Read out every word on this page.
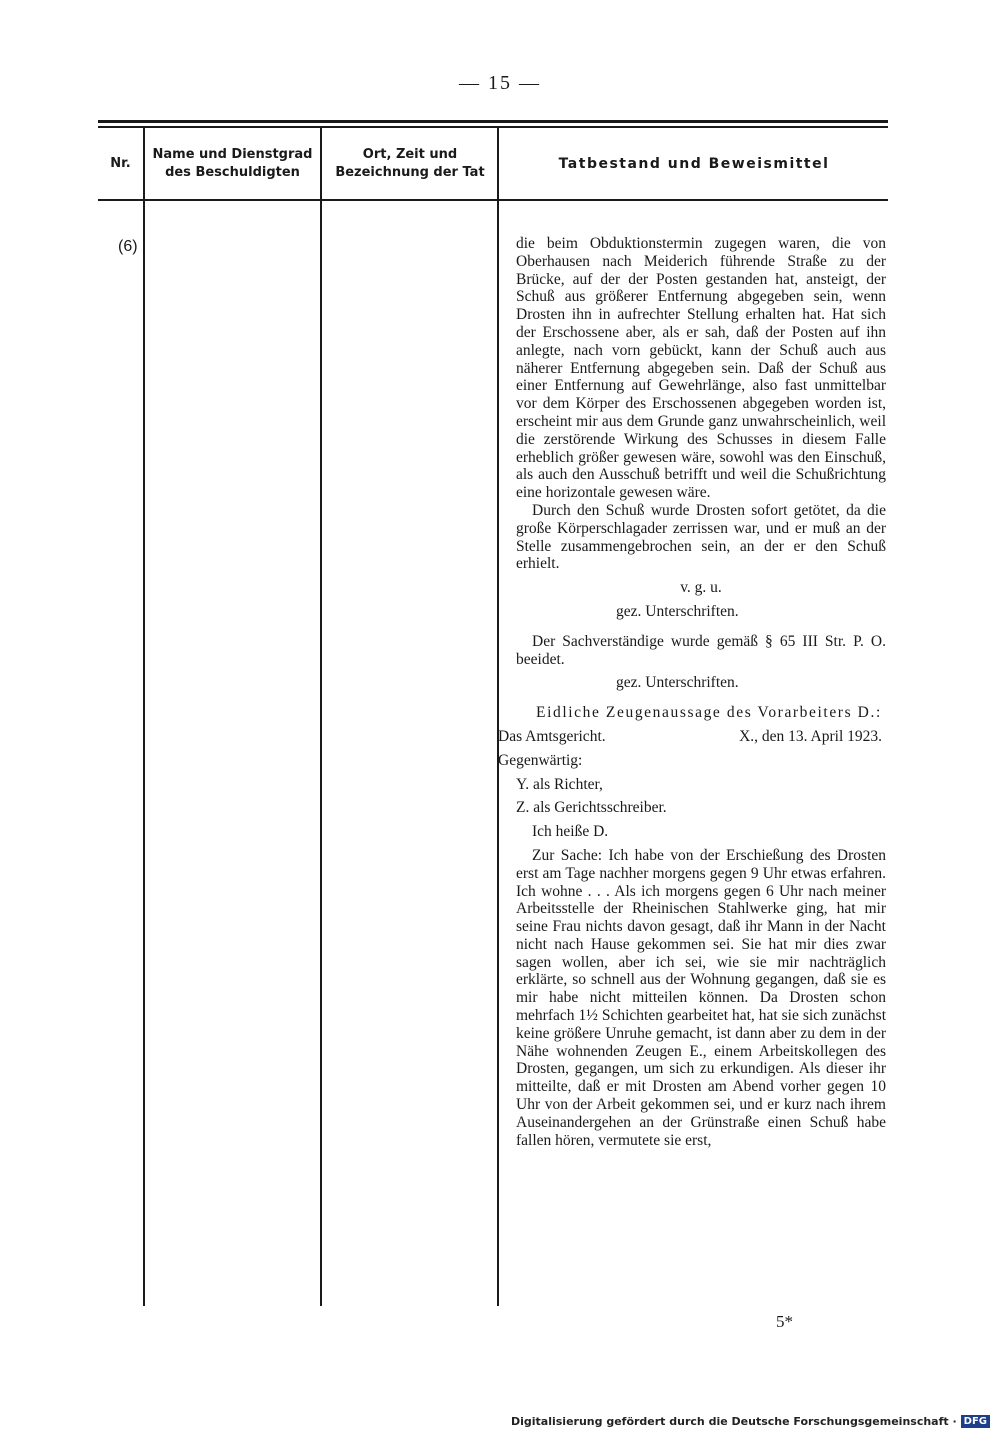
— 15 —
Nr.
Name und Dienstgrad des Beschuldigten
Ort, Zeit und Bezeichnung der Tat
Tatbestand und Beweismittel
(6)	die beim Obduktionstermin zugegen waren, die von Oberhausen nach Meiderich führende Straße zu der Brücke, auf der der Posten gestanden hat, ansteigt, der Schuß aus größerer Entfernung abgegeben sein, wenn Drosten ihn in aufrechter Stellung erhalten hat. Hat sich der Erschossene aber, als er sah, daß der Posten auf ihn anlegte, nach vorn gebückt, kann der Schuß auch aus näherer Entfernung abgegeben sein. Daß der Schuß aus einer Entfernung auf Gewehrlänge, also fast unmittelbar vor dem Körper des Erschossenen abgegeben worden ist, erscheint mir aus dem Grunde ganz unwahrscheinlich, weil die zerstörende Wirkung des Schusses in diesem Falle erheblich größer gewesen wäre, sowohl was den Einschuß, als auch den Ausschuß betrifft und weil die Schußrichtung eine horizontale gewesen wäre.

Durch den Schuß wurde Drosten sofort getötet, da die große Körperschlagader zerrissen war, und er muß an der Stelle zusammengebrochen sein, an der er den Schuß erhielt.

v. g. u.

gez. Unterschriften.

Der Sachverständige wurde gemäß § 65 III Str. P. O. beeidet.

gez. Unterschriften.

Eidliche Zeugenaussage des Vorarbeiters D.:

Das Amtsgericht.	X., den 13. April 1923.

Gegenwärtig:

Y. als Richter,

Z. als Gerichtsschreiber.

Ich heiße D.

Zur Sache: Ich habe von der Erschießung des Drosten erst am Tage nachher morgens gegen 9 Uhr etwas erfahren. Ich wohne . . . Als ich morgens gegen 6 Uhr nach meiner Arbeitsstelle der Rheinischen Stahlwerke ging, hat mir seine Frau nichts davon gesagt, daß ihr Mann in der Nacht nicht nach Hause gekommen sei. Sie hat mir dies zwar sagen wollen, aber ich sei, wie sie mir nachträglich erklärte, so schnell aus der Wohnung gegangen, daß sie es mir habe nicht mitteilen können. Da Drosten schon mehrfach 1½ Schichten gearbeitet hat, hat sie sich zunächst keine größere Unruhe gemacht, ist dann aber zu dem in der Nähe wohnenden Zeugen E., einem Arbeitskollegen des Drosten, gegangen, um sich zu erkundigen. Als dieser ihr mitteilte, daß er mit Drosten am Abend vorher gegen 10 Uhr von der Arbeit gekommen sei, und er kurz nach ihrem Auseinandergehen an der Grünstraße einen Schuß habe fallen hören, vermutete sie erst,

5*
Digitalisierung gefördert durch die Deutsche Forschungsgemeinschaft · DFG
